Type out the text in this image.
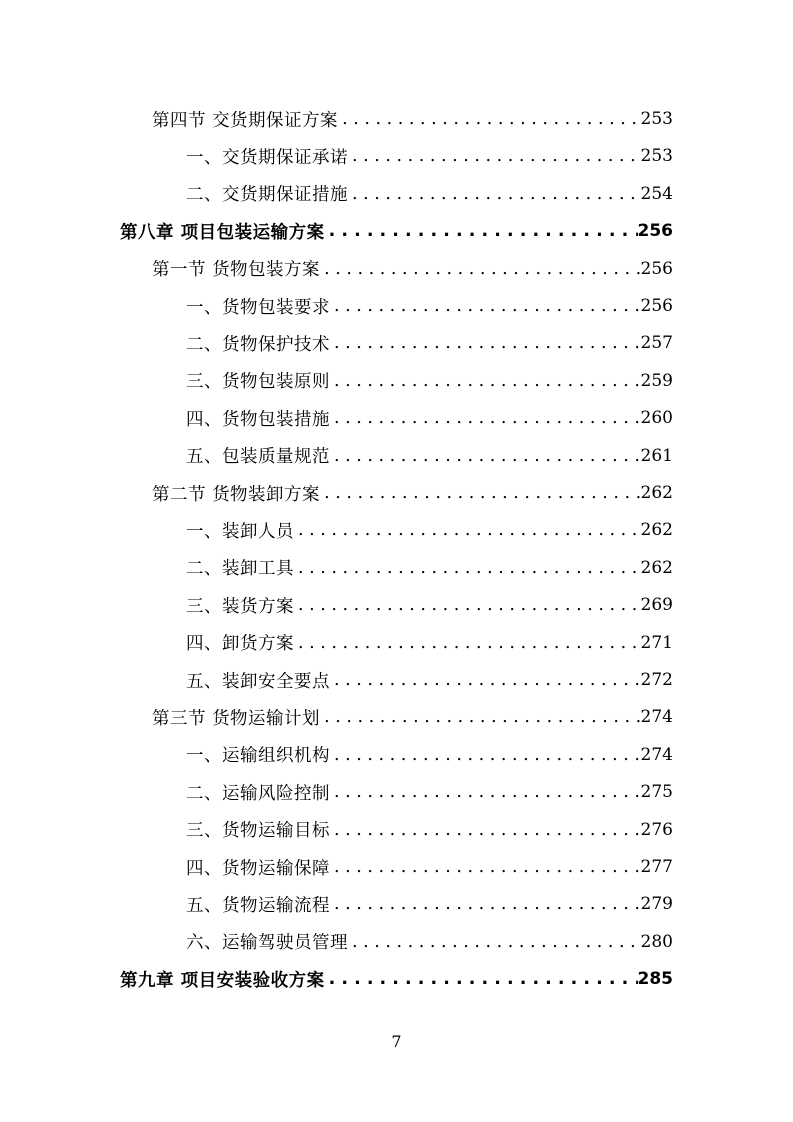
第四节 交货期保证方案 . . .	253
一、交货期保证承诺 . . .	253
二、交货期保证措施 . . .	254
第八章 项目包装运输方案 . . .	256
第一节 货物包装方案 . . .	256
一、货物包装要求 . . .	256
二、货物保护技术 . . .	257
三、货物包装原则 . . .	259
四、货物包装措施 . . .	260
五、包装质量规范 . . .	261
第二节 货物装卸方案 . . .	262
一、装卸人员 . . .	262
二、装卸工具 . . .	262
三、装货方案 . . .	269
四、卸货方案 . . .	271
五、装卸安全要点 . . .	272
第三节 货物运输计划 . . .	274
一、运输组织机构 . . .	274
二、运输风险控制 . . .	275
三、货物运输目标 . . .	276
四、货物运输保障 . . .	277
五、货物运输流程 . . .	279
六、运输驾驶员管理 . . .	280
第九章 项目安装验收方案 . . .	285
7
